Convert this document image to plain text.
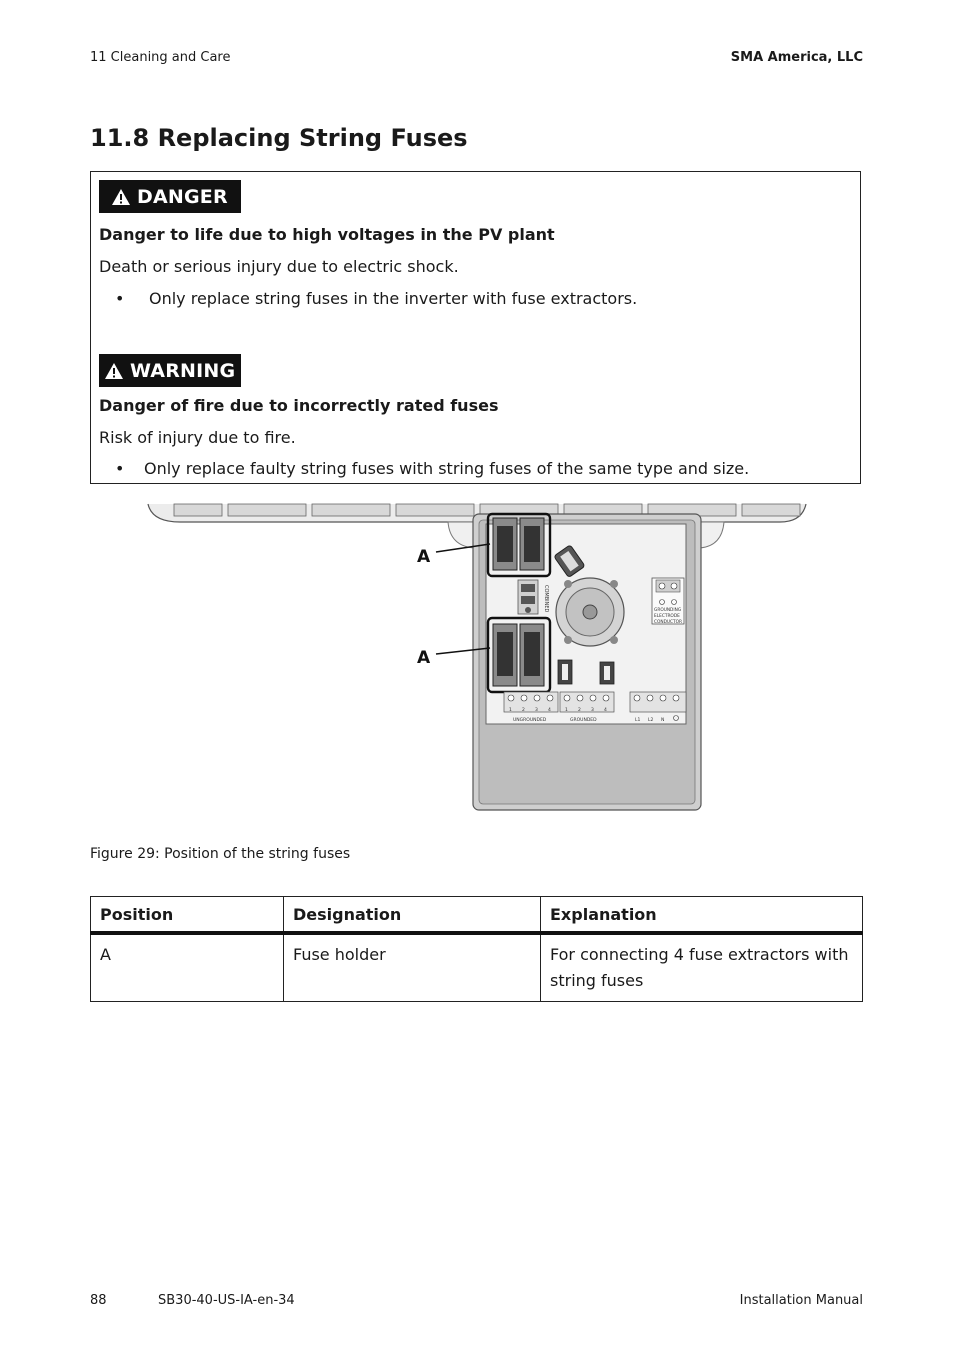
11 Cleaning and Care	SMA America, LLC
11.8 Replacing String Fuses
DANGER
Danger to life due to high voltages in the PV plant
Death or serious injury due to electric shock.
•	Only replace string fuses in the inverter with fuse extractors.
WARNING
Danger of fire due to incorrectly rated fuses
Risk of injury due to fire.
•	Only replace faulty string fuses with string fuses of the same type and size.
COMBINED	GROUNDING
ELECTRODE
CONDUCTOR
1 2 3 4	1 2 3 4
UNGROUNDED	GROUNDED	L1 L2 N
A
A
Figure 29: Position of the string fuses
Position	Designation	Explanation
A	Fuse holder	For connecting 4 fuse extractors with string fuses
88	SB30-40-US-IA-en-34	Installation Manual
